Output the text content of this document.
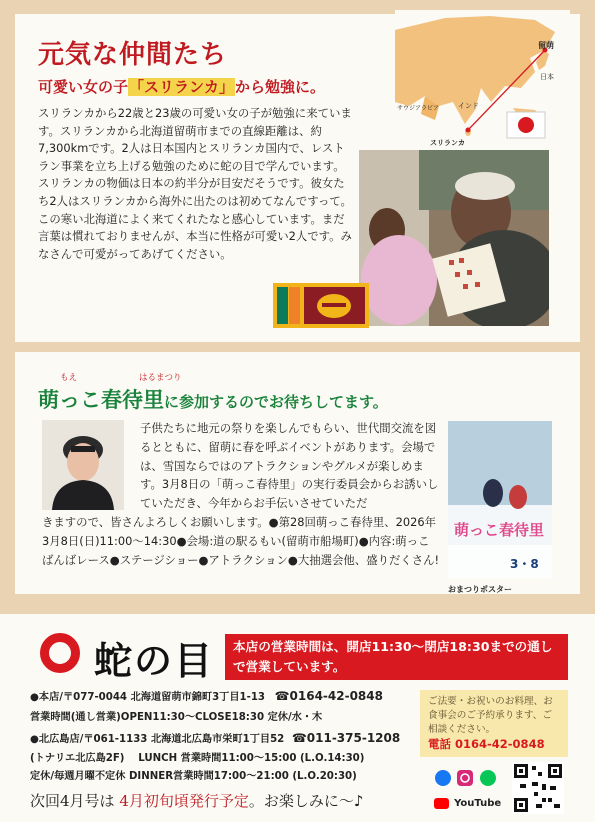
元気な仲間たち
可愛い女の子「スリランカ」から勉強に。
スリランカから22歳と23歳の可愛い女の子が勉強に来ています。スリランカから北海道留萌市までの直線距離は、約7,300kmです。2人は日本国内とスリランカ国内で、レストラン事業を立ち上げる勉強のために蛇の目で学んでいます。スリランカの物価は日本の約半分が目安だそうです。彼女たち2人はスリランカから海外に出たのは初めてなんですって。この寒い北海道によく来てくれたなと感心しています。まだ言葉は慣れておりませんが、本当に性格が可愛い2人です。みなさんで可愛がってあげてください。
留萌
日本
サウジアラビア	インド
スリランカ
もえ	はるまつり
萌っこ春待里に参加するのでお待ちしてます。
子供たちに地元の祭りを楽しんでもらい、世代間交流を図るとともに、留萌に春を呼ぶイベントがあります。会場では、雪国ならではのアトラクションやグルメが楽しめます。3月8日の「萌っこ春待里」の実行委員会からお誘いしていただき、今年からお手伝いさせていただ
きますので、皆さんよろしくお願いします。●第28回萌っこ春待里、2026年3月8日(日)11:00～14:30●会場:道の駅るもい(留萌市船場町)●内容:萌っこばんばレース●ステージショー●アトラクション●大抽選会他、盛りだくさん!
萌っこ春待里
3・8
おまつりポスター
蛇の目	本店の営業時間は、開店11:30～閉店18:30までの通しで営業しています。
●本店/〒077-0044 北海道留萌市錦町3丁目1-13 ☎0164-42-0848
営業時間(通し営業)OPEN11:30～CLOSE18:30 定休/水・木
●北広島店/〒061-1133 北海道北広島市栄町1丁目52 ☎011-375-1208
(トナリエ北広島2F)　 LUNCH 営業時間11:00～15:00 (L.O.14:30)
定休/毎週月曜不定休 DINNER営業時間17:00～21:00 (L.O.20:30)
ご法要・お祝いのお料理、お食事会のご予約承ります、ご相談ください。
電話 0164-42-0848
YouTube
次回4月号は 4月初旬頃発行予定。お楽しみに～♪
